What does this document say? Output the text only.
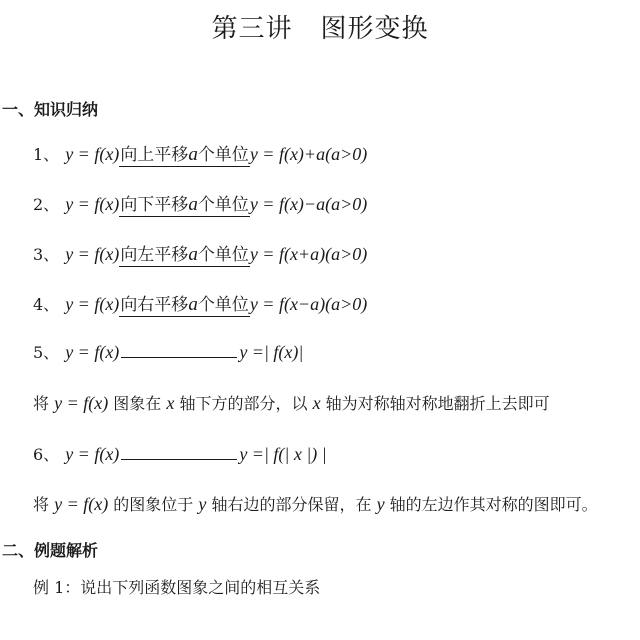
第三讲 图形变换
一、知识归纳
1、 y = f(x) 向上平移a个单位 y = f(x)+a(a>0)
2、 y = f(x) 向下平移a个单位 y = f(x)−a(a>0)
3、 y = f(x) 向左平移a个单位 y = f(x+a)(a>0)
4、 y = f(x) 向右平移a个单位 y = f(x−a)(a>0)
5、 y = f(x)	y =| f(x)|
将 y = f(x) 图象在 x 轴下方的部分，以 x 轴为对称轴对称地翻折上去即可
6、 y = f(x)	y =| f(| x |) |
将 y = f(x) 的图象位于 y 轴右边的部分保留，在 y 轴的左边作其对称的图即可。
二、例题解析
例 1：说出下列函数图象之间的相互关系
